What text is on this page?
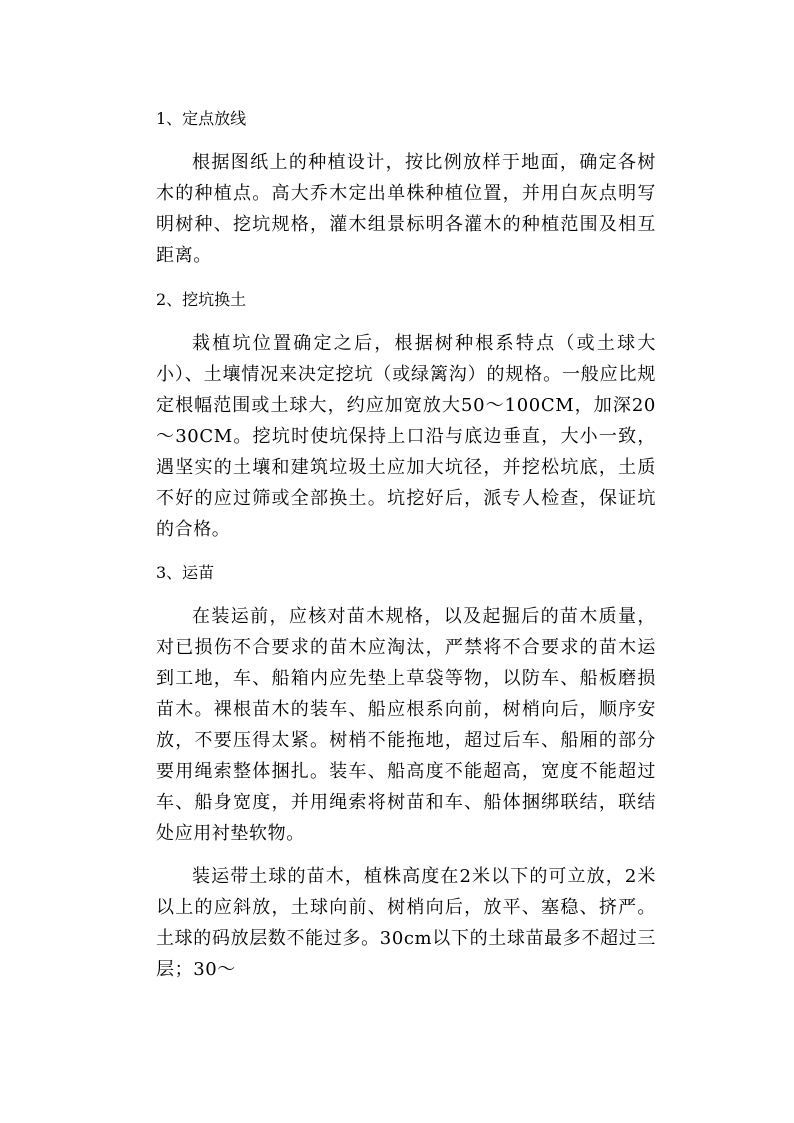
1、定点放线

根据图纸上的种植设计，按比例放样于地面，确定各树木的种植点。高大乔木定出单株种植位置，并用白灰点明写明树种、挖坑规格，灌木组景标明各灌木的种植范围及相互距离。

2、挖坑换土

栽植坑位置确定之后，根据树种根系特点（或土球大小）、土壤情况来决定挖坑（或绿篱沟）的规格。一般应比规定根幅范围或土球大，约应加宽放大50～100CM，加深20～30CM。挖坑时使坑保持上口沿与底边垂直，大小一致，遇坚实的土壤和建筑垃圾土应加大坑径，并挖松坑底，土质不好的应过筛或全部换土。坑挖好后，派专人检查，保证坑的合格。

3、运苗

在装运前，应核对苗木规格，以及起掘后的苗木质量，对已损伤不合要求的苗木应淘汰，严禁将不合要求的苗木运到工地，车、船箱内应先垫上草袋等物，以防车、船板磨损苗木。裸根苗木的装车、船应根系向前，树梢向后，顺序安放，不要压得太紧。树梢不能拖地，超过后车、船厢的部分要用绳索整体捆扎。装车、船高度不能超高，宽度不能超过车、船身宽度，并用绳索将树苗和车、船体捆绑联结，联结处应用衬垫软物。

装运带土球的苗木，植株高度在2米以下的可立放，2米以上的应斜放，土球向前、树梢向后，放平、塞稳、挤严。土球的码放层数不能过多。30cm以下的土球苗最多不超过三层；30～
